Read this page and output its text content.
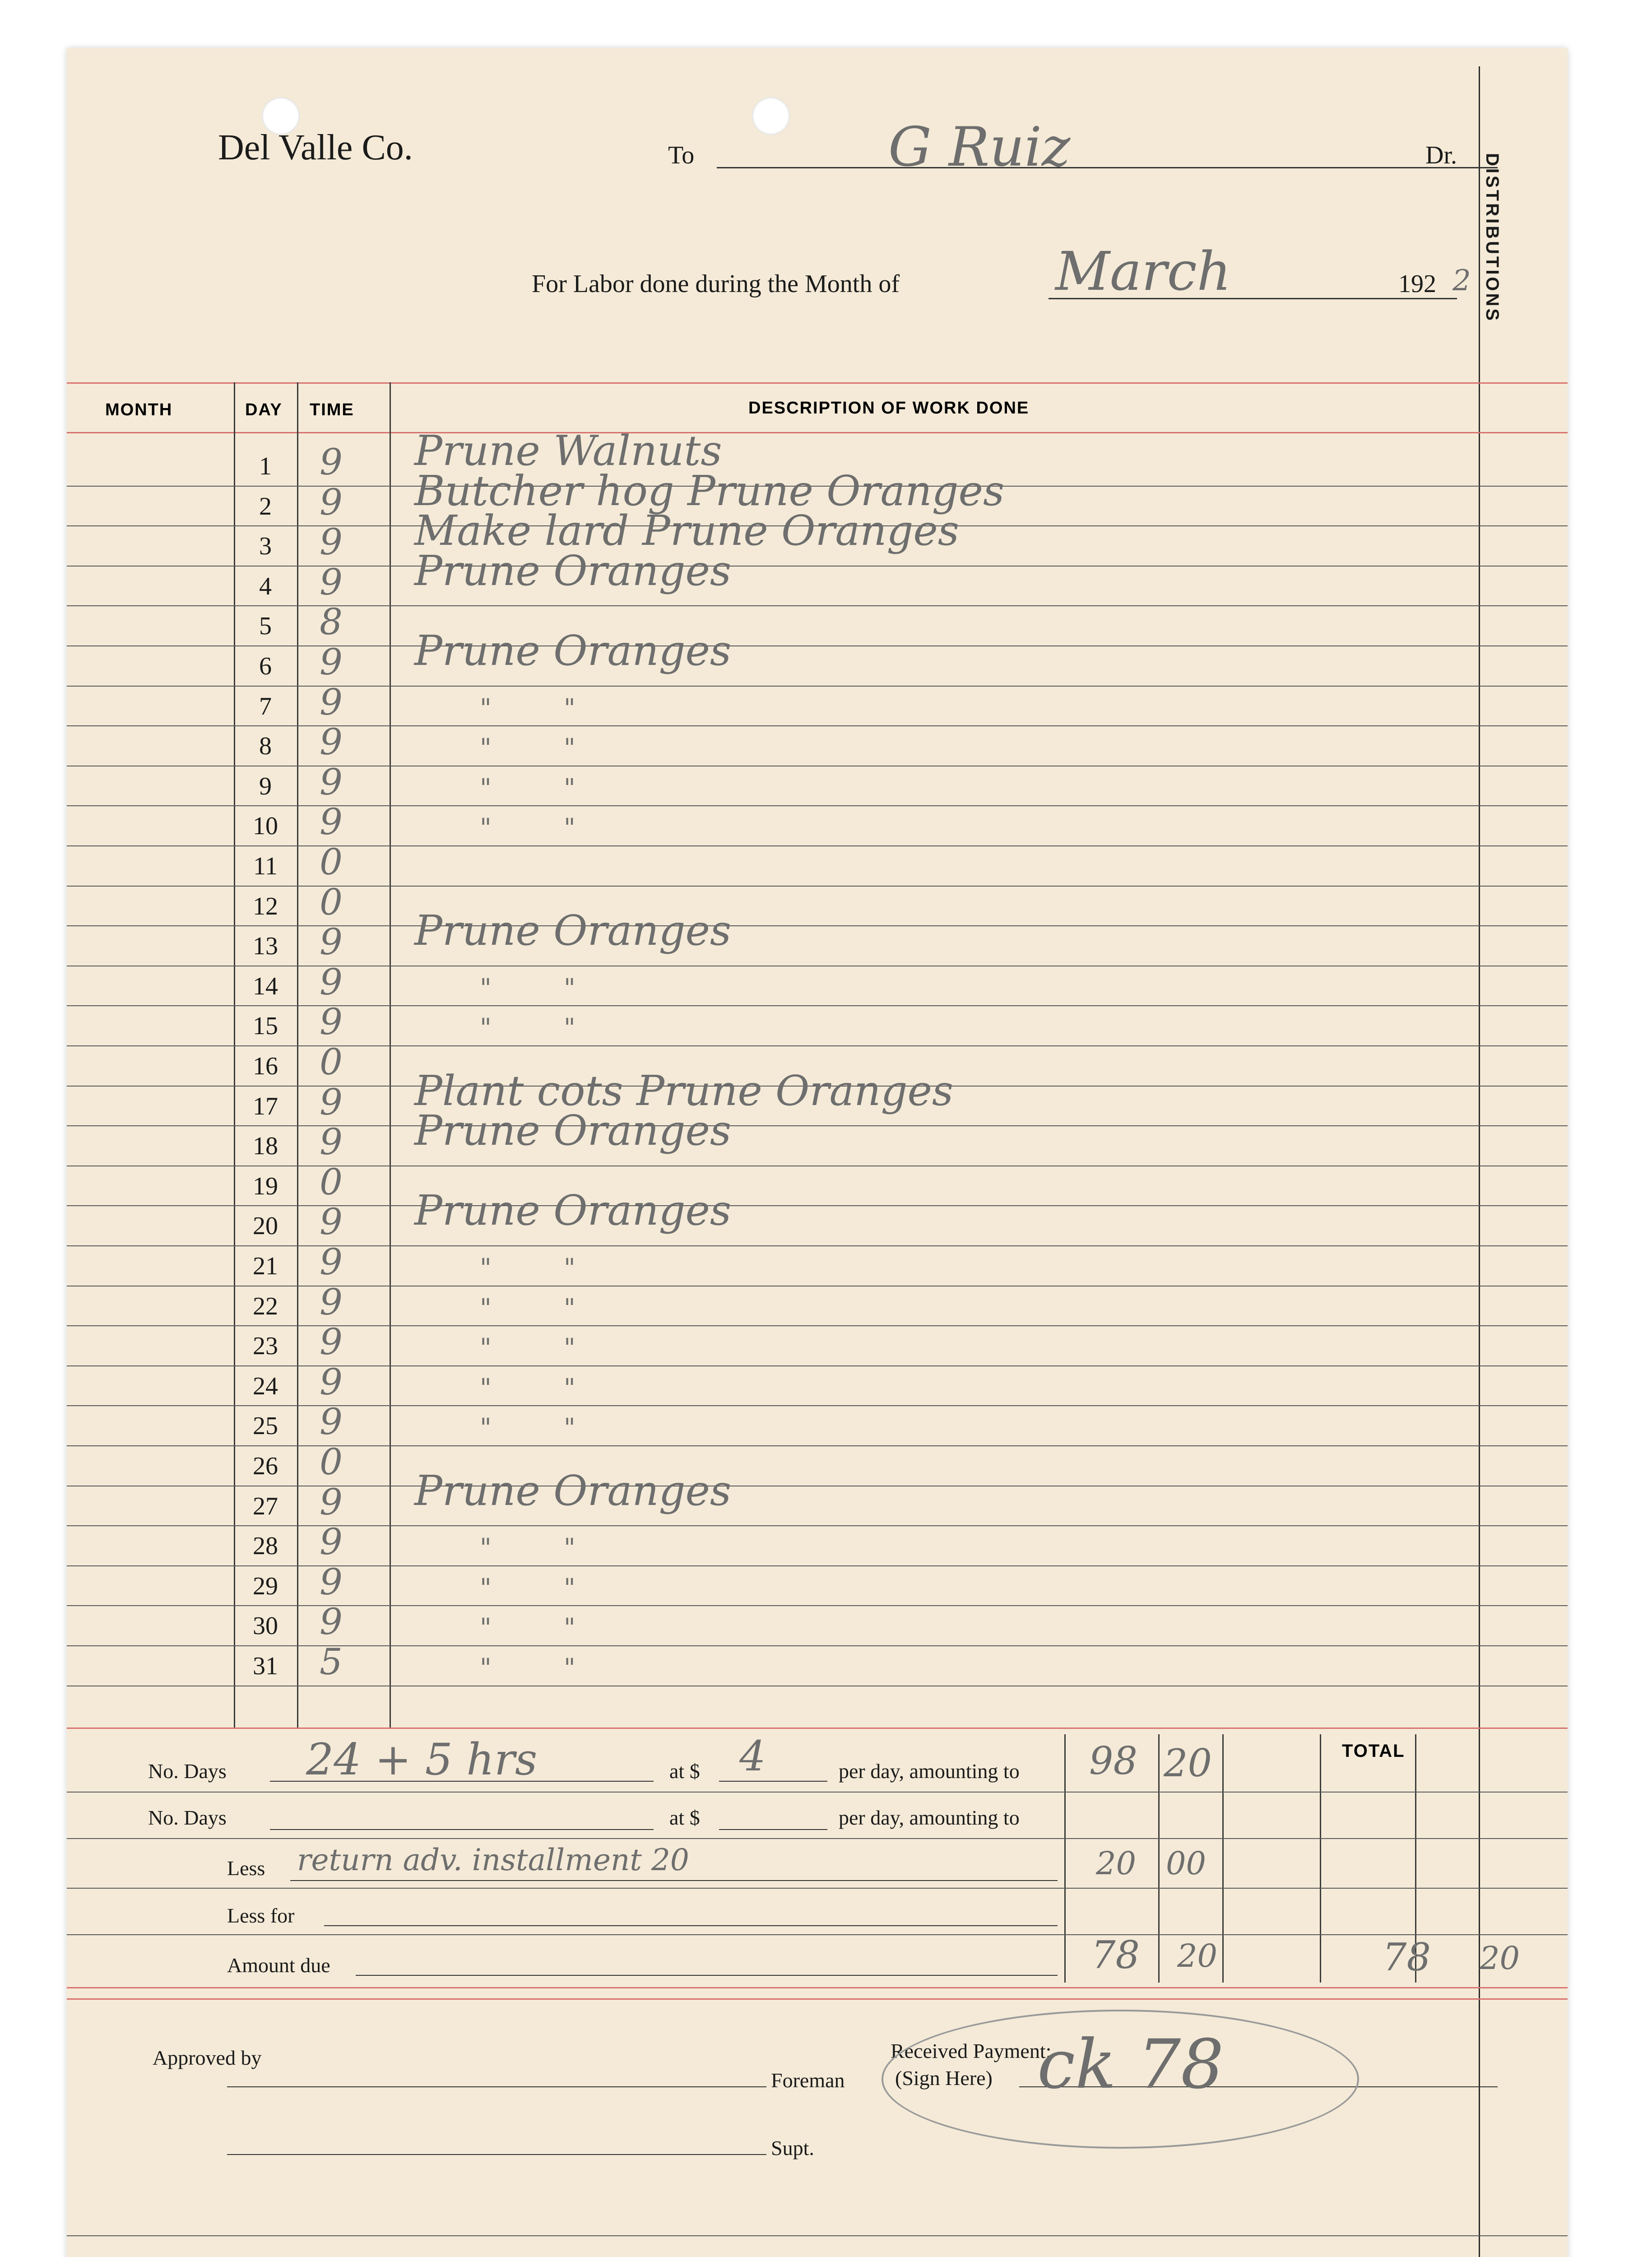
DISTRIBUTIONS
Del Valle Co.	To	G Ruiz	Dr.
For Labor done during the Month of	March	192 2
MONTH	DAY TIME	DESCRIPTION OF WORK DONE
1	9	Prune Walnuts
2	9	Butcher hog Prune Oranges
3	9	Make lard Prune Oranges
4	9	Prune Oranges
5	8
6	9	Prune Oranges
7	9	"         "
8	9	"         "
9	9	"         "
10	9	"         "
11	0
12	0
13	9	Prune Oranges
14	9	"         "
15	9	"         "
16	0
17	9	Plant cots Prune Oranges
18	9	Prune Oranges
19	0
20	9	Prune Oranges
21	9	"         "
22	9	"         "
23	9	"         "
24	9	"         "
25	9	"         "
26	0
27	9	Prune Oranges
28	9	"         "
29	9	"         "
30	9	"         "
31	5	"         "
TOTAL
No. Days 24 + 5 hrs	at $ 4	per day, amounting to 98 20
No. Days	at $	per day, amounting to
Less return adv. installment 20	20 00
Less for
Amount due	78 20	78 20
Approved by
Foreman
Supt.
Received Payment:
(Sign Here) ck 78
